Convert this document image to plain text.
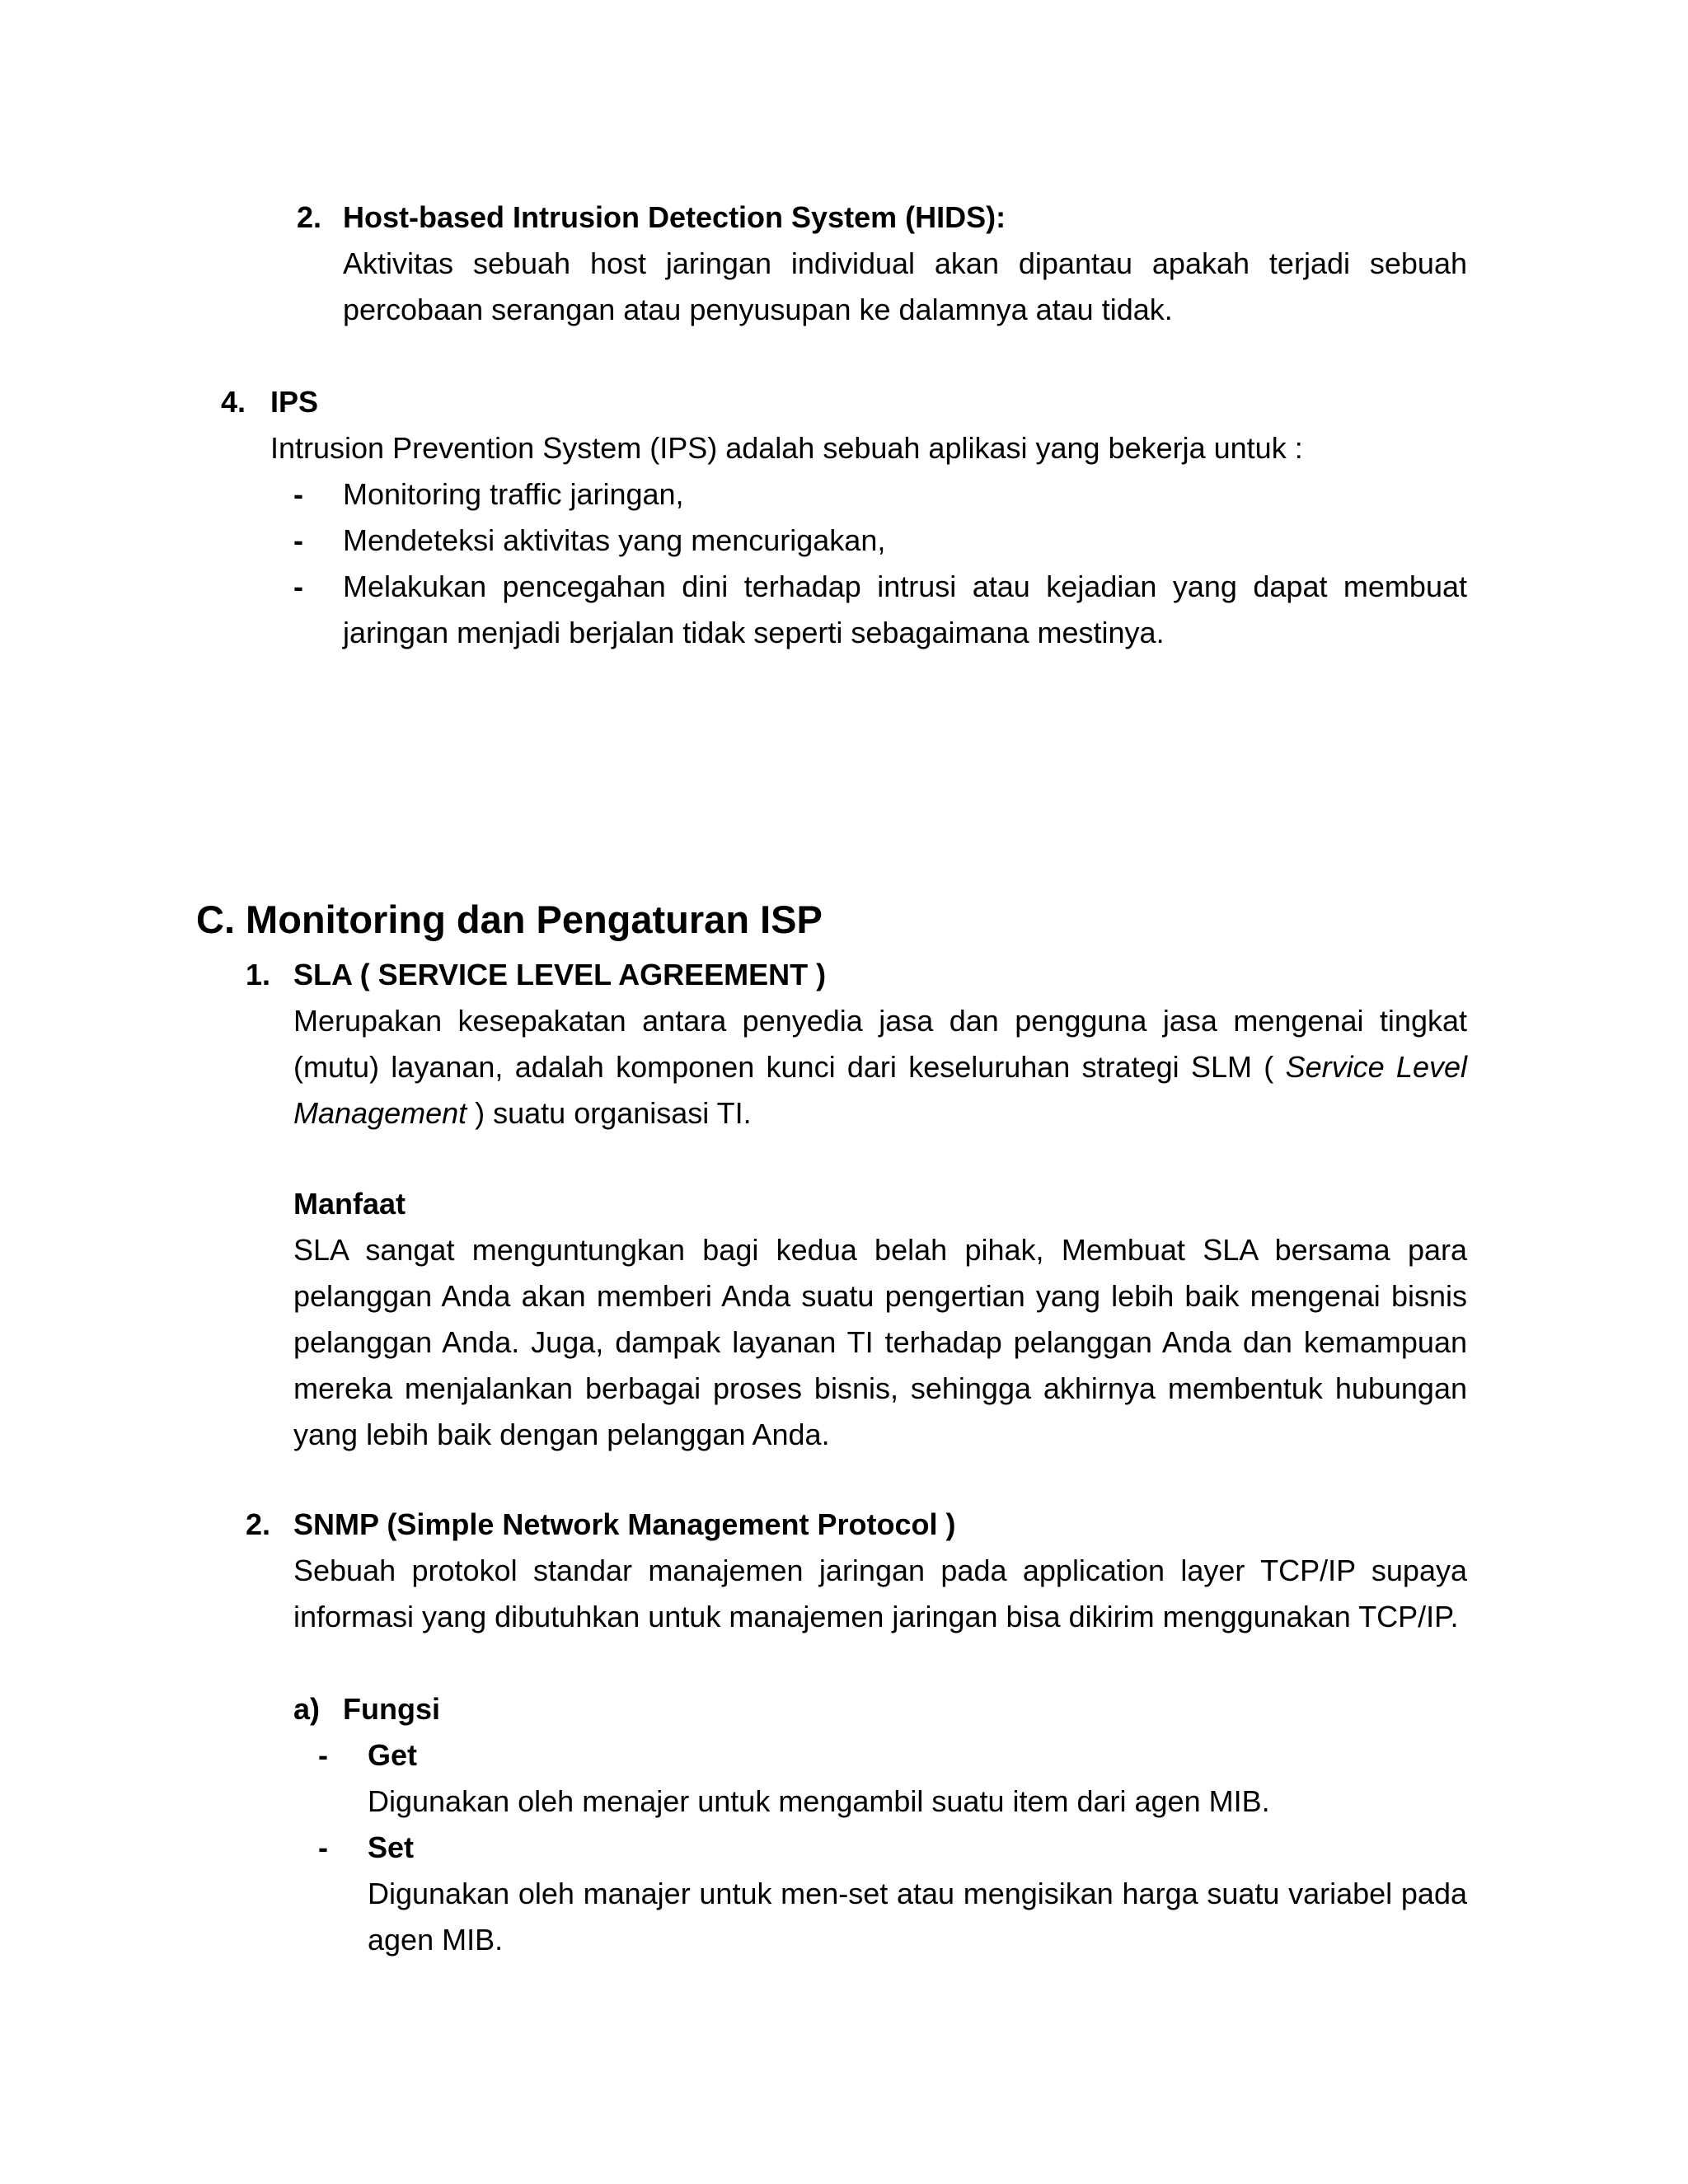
2. Host-based Intrusion Detection System (HIDS):
Aktivitas sebuah host jaringan individual akan dipantau apakah terjadi sebuah percobaan serangan atau penyusupan ke dalamnya atau tidak.
4. IPS
Intrusion Prevention System (IPS) adalah sebuah aplikasi yang bekerja untuk :
- Monitoring traffic jaringan,
- Mendeteksi aktivitas yang mencurigakan,
- Melakukan pencegahan dini terhadap intrusi atau kejadian yang dapat membuat jaringan menjadi berjalan tidak seperti sebagaimana mestinya.
C. Monitoring dan Pengaturan ISP
1. SLA ( SERVICE LEVEL AGREEMENT )
Merupakan kesepakatan antara penyedia jasa dan pengguna jasa mengenai tingkat (mutu) layanan, adalah komponen kunci dari keseluruhan strategi SLM ( Service Level Management ) suatu organisasi TI.
Manfaat
SLA sangat menguntungkan bagi kedua belah pihak, Membuat SLA bersama para pelanggan Anda akan memberi Anda suatu pengertian yang lebih baik mengenai bisnis pelanggan Anda. Juga, dampak layanan TI terhadap pelanggan Anda dan kemampuan mereka menjalankan berbagai proses bisnis, sehingga akhirnya membentuk hubungan yang lebih baik dengan pelanggan Anda.
2. SNMP (Simple Network Management Protocol )
Sebuah protokol standar manajemen jaringan pada application layer TCP/IP supaya informasi yang dibutuhkan untuk manajemen jaringan bisa dikirim menggunakan TCP/IP.
a) Fungsi
- Get
Digunakan oleh menajer untuk mengambil suatu item dari agen MIB.
- Set
Digunakan oleh manajer untuk men-set atau mengisikan harga suatu variabel pada agen MIB.
